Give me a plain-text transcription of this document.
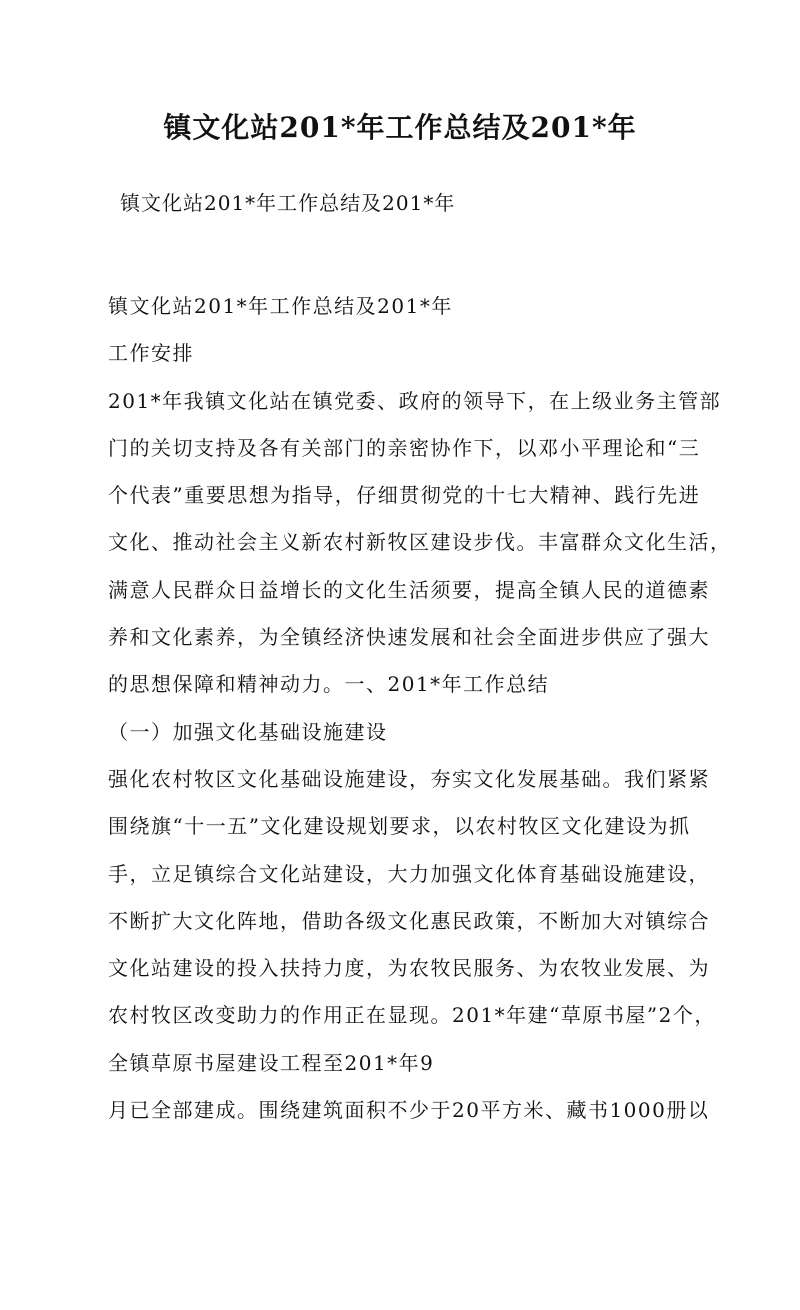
镇文化站201*年工作总结及201*年
镇文化站201*年工作总结及201*年
镇文化站201*年工作总结及201*年
工作安排
201*年我镇文化站在镇党委、政府的领导下，在上级业务主管部
门的关切支持及各有关部门的亲密协作下，以邓小平理论和“三
个代表”重要思想为指导，仔细贯彻党的十七大精神、践行先进
文化、推动社会主义新农村新牧区建设步伐。丰富群众文化生活，
满意人民群众日益增长的文化生活须要，提高全镇人民的道德素
养和文化素养，为全镇经济快速发展和社会全面进步供应了强大
的思想保障和精神动力。一、201*年工作总结
（一）加强文化基础设施建设
强化农村牧区文化基础设施建设，夯实文化发展基础。我们紧紧
围绕旗“十一五”文化建设规划要求，以农村牧区文化建设为抓
手，立足镇综合文化站建设，大力加强文化体育基础设施建设，
不断扩大文化阵地，借助各级文化惠民政策，不断加大对镇综合
文化站建设的投入扶持力度，为农牧民服务、为农牧业发展、为
农村牧区改变助力的作用正在显现。201*年建“草原书屋”2个，
全镇草原书屋建设工程至201*年9
月已全部建成。围绕建筑面积不少于20平方米、藏书1000册以
